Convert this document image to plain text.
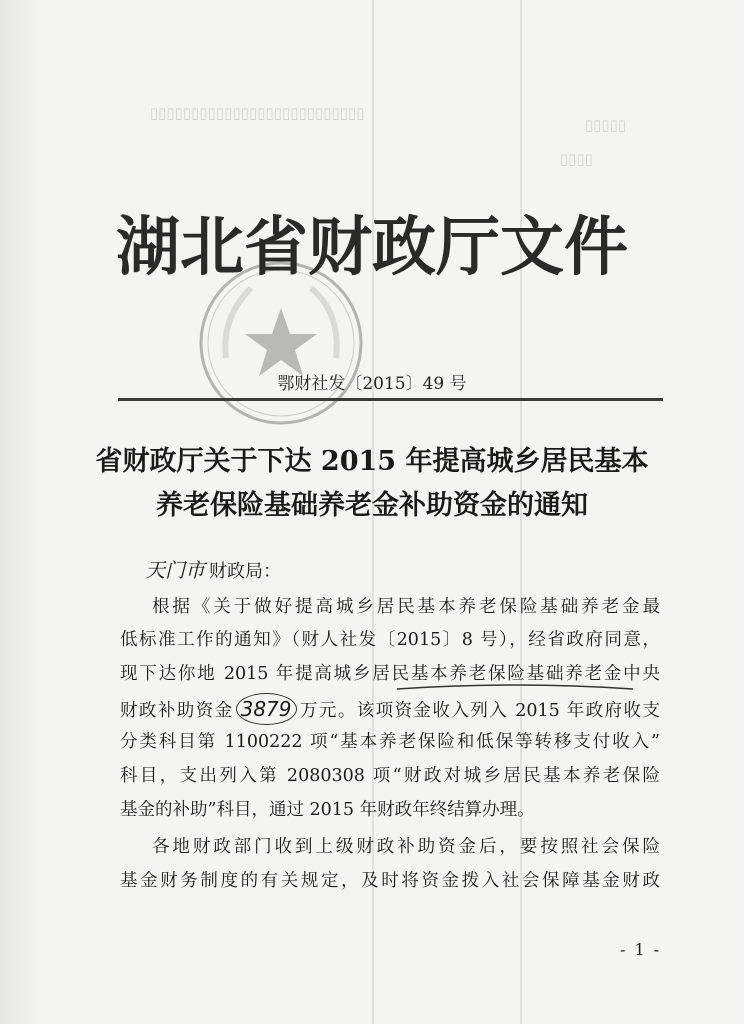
▯▯▯▯▯▯▯▯▯▯▯▯▯▯▯▯▯▯▯▯▯▯▯▯▯▯
▯▯▯▯▯
▯▯▯▯
湖北省财政厅文件
鄂财社发〔2015〕49 号
省财政厅关于下达 2015 年提高城乡居民基本
养老保险基础养老金补助资金的通知
天门市 财政局：
根据《关于做好提高城乡居民基本养老保险基础养老金最
低标准工作的通知》（财人社发〔2015〕8 号），经省政府同意，
现下达你地 2015 年提高城乡居民基本养老保险基础养老金中央
财政补助资金 3879 万元。该项资金收入列入 2015 年政府收支
分类科目第 1100222 项“基本养老保险和低保等转移支付收入”
科目，支出列入第 2080308 项“财政对城乡居民基本养老保险
基金的补助”科目，通过 2015 年财政年终结算办理。
各地财政部门收到上级财政补助资金后，要按照社会保险
基金财务制度的有关规定，及时将资金拨入社会保障基金财政
- 1 -
